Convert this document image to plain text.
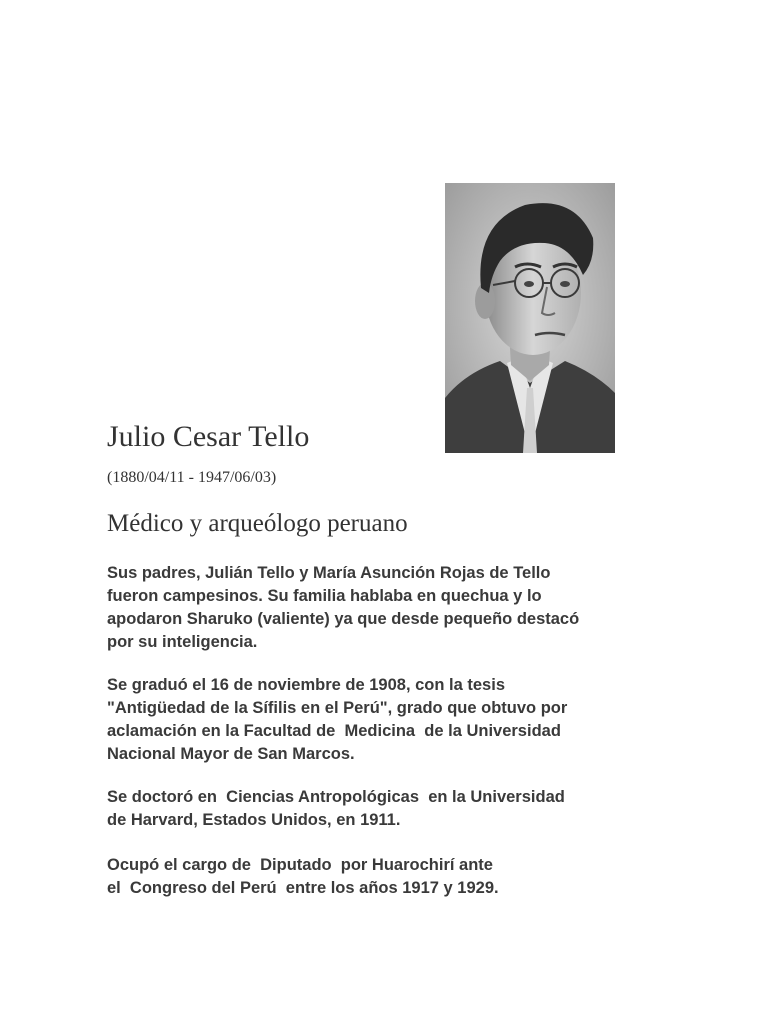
Julio Cesar Tello
(1880/04/11 - 1947/06/03)
Médico y arqueólogo peruano
Sus padres, Julián Tello y María Asunción Rojas de Tello
fueron campesinos. Su familia hablaba en quechua y lo
apodaron Sharuko (valiente) ya que desde pequeño destacó
por su inteligencia.
Se graduó el 16 de noviembre de 1908, con la tesis
"Antigüedad de la Sífilis en el Perú", grado que obtuvo por
aclamación en la Facultad de  Medicina  de la Universidad
Nacional Mayor de San Marcos.
Se doctoró en  Ciencias Antropológicas  en la Universidad
de Harvard, Estados Unidos, en 1911.
Ocupó el cargo de  Diputado  por Huarochirí ante
el  Congreso del Perú  entre los años 1917 y 1929.
